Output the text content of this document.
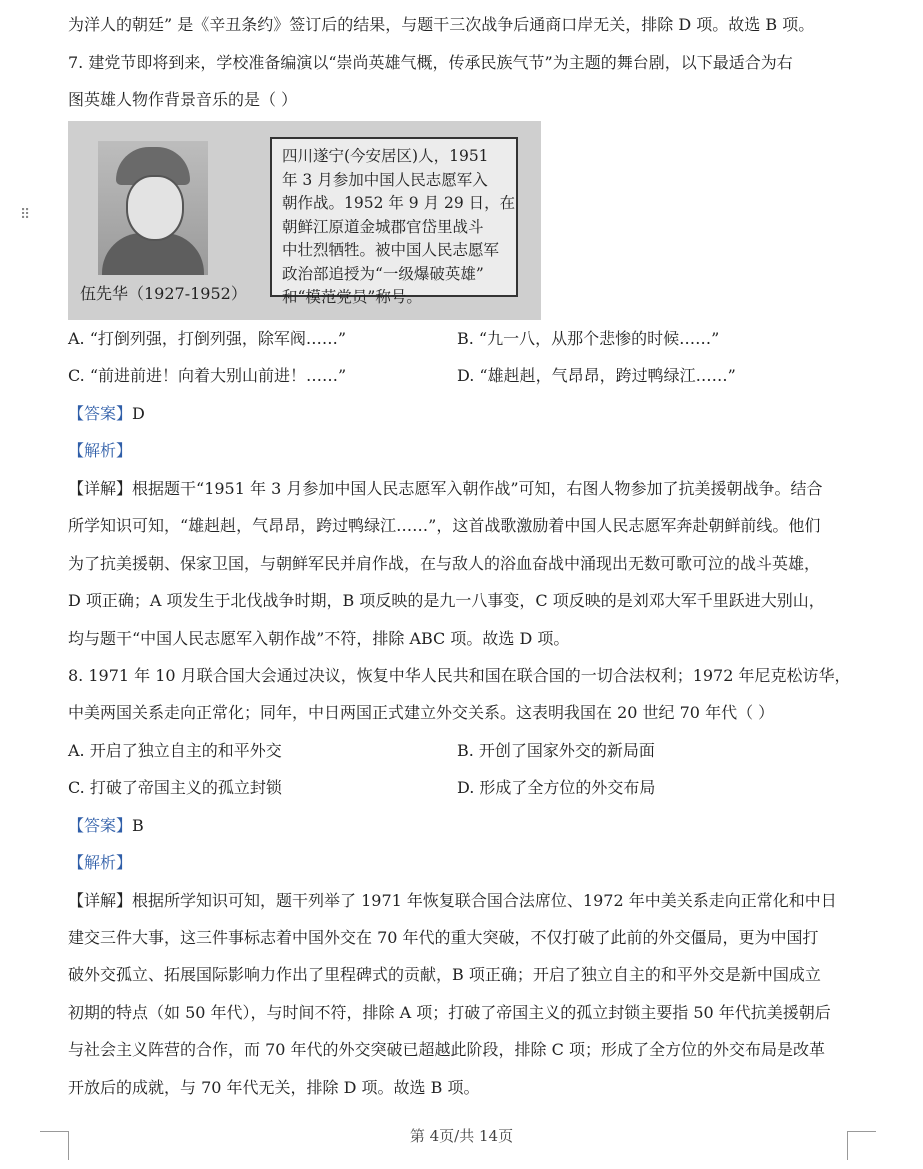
⠿
为洋人的朝廷” 是《辛丑条约》签订后的结果，与题干三次战争后通商口岸无关，排除 D 项。故选 B 项。
7. 建党节即将到来，学校准备编演以“崇尚英雄气概，传承民族气节”为主题的舞台剧，以下最适合为右
图英雄人物作背景音乐的是（ ）
伍先华（1927-1952）
四川遂宁(今安居区)人，1951
年 3 月参加中国人民志愿军入
朝作战。1952 年 9 月 29 日，在
朝鲜江原道金城郡官岱里战斗
中壮烈牺牲。被中国人民志愿军
政治部追授为“一级爆破英雄”
和“模范党员”称号。
A. “打倒列强，打倒列强，除军阀……”	B. “九一八，从那个悲惨的时候……”
C. “前进前进！向着大别山前进！……”	D. “雄赳赳，气昂昂，跨过鸭绿江……”
【答案】D
【解析】
【详解】根据题干“1951 年 3 月参加中国人民志愿军入朝作战”可知，右图人物参加了抗美援朝战争。结合
所学知识可知，“雄赳赳，气昂昂，跨过鸭绿江……”，这首战歌激励着中国人民志愿军奔赴朝鲜前线。他们
为了抗美援朝、保家卫国，与朝鲜军民并肩作战，在与敌人的浴血奋战中涌现出无数可歌可泣的战斗英雄，
D 项正确；A 项发生于北伐战争时期，B 项反映的是九一八事变，C 项反映的是刘邓大军千里跃进大别山，
均与题干“中国人民志愿军入朝作战”不符，排除 ABC 项。故选 D 项。
8. 1971 年 10 月联合国大会通过决议，恢复中华人民共和国在联合国的一切合法权利；1972 年尼克松访华，
中美两国关系走向正常化；同年，中日两国正式建立外交关系。这表明我国在 20 世纪 70 年代（ ）
A. 开启了独立自主的和平外交	B. 开创了国家外交的新局面
C. 打破了帝国主义的孤立封锁	D. 形成了全方位的外交布局
【答案】B
【解析】
【详解】根据所学知识可知，题干列举了 1971 年恢复联合国合法席位、1972 年中美关系走向正常化和中日
建交三件大事，这三件事标志着中国外交在 70 年代的重大突破，不仅打破了此前的外交僵局，更为中国打
破外交孤立、拓展国际影响力作出了里程碑式的贡献，B 项正确；开启了独立自主的和平外交是新中国成立
初期的特点（如 50 年代），与时间不符，排除 A 项；打破了帝国主义的孤立封锁主要指 50 年代抗美援朝后
与社会主义阵营的合作，而 70 年代的外交突破已超越此阶段，排除 C 项；形成了全方位的外交布局是改革
开放后的成就，与 70 年代无关，排除 D 项。故选 B 项。
第 4页/共 14页
